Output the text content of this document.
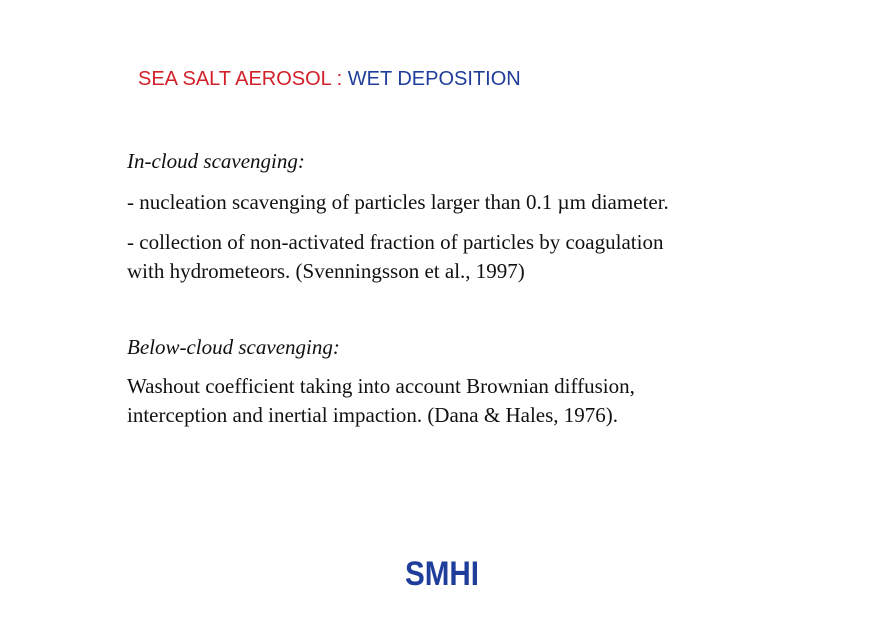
SEA SALT AEROSOL : WET DEPOSITION
In-cloud scavenging:
- nucleation scavenging of particles larger than 0.1 µm diameter.
- collection of non-activated fraction of particles by coagulation
with hydrometeors. (Svenningsson et al., 1997)
Below-cloud scavenging:
Washout coefficient taking into account Brownian diffusion,
interception and inertial impaction. (Dana & Hales, 1976).
SMHI
